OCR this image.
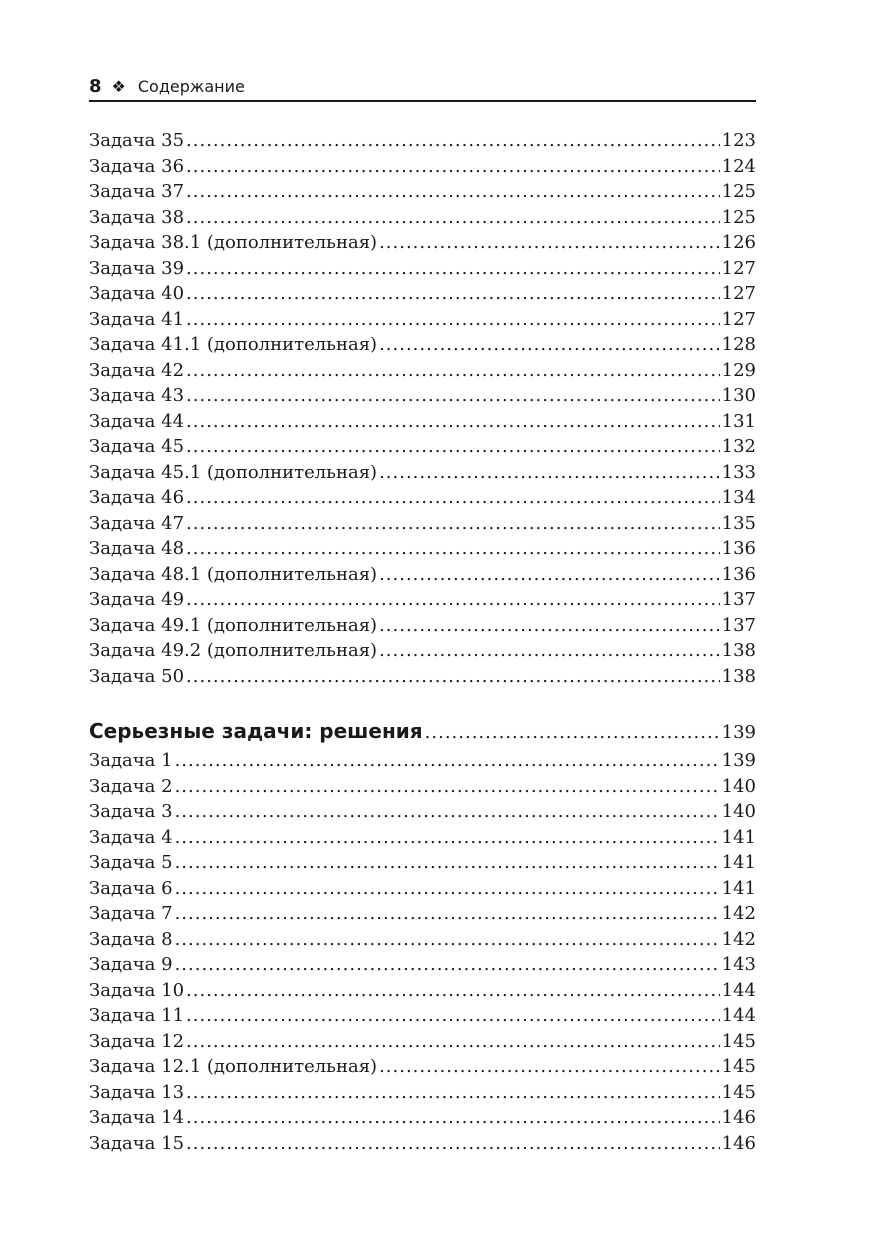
8 ❖ Содержание
Задача 35 .....	123
Задача 36 .....	124
Задача 37 .....	125
Задача 38 .....	125
Задача 38.1 (дополнительная) .....	126
Задача 39 .....	127
Задача 40 .....	127
Задача 41 .....	127
Задача 41.1 (дополнительная) .....	128
Задача 42 .....	129
Задача 43 .....	130
Задача 44 .....	131
Задача 45 .....	132
Задача 45.1 (дополнительная) .....	133
Задача 46 .....	134
Задача 47 .....	135
Задача 48 .....	136
Задача 48.1 (дополнительная) .....	136
Задача 49 .....	137
Задача 49.1 (дополнительная) .....	137
Задача 49.2 (дополнительная) .....	138
Задача 50 .....	138
Серьезные задачи: решения .....	139
Задача 1 .....	139
Задача 2 .....	140
Задача 3 .....	140
Задача 4 .....	141
Задача 5 .....	141
Задача 6 .....	141
Задача 7 .....	142
Задача 8 .....	142
Задача 9 .....	143
Задача 10 .....	144
Задача 11 .....	144
Задача 12 .....	145
Задача 12.1 (дополнительная) .....	145
Задача 13 .....	145
Задача 14 .....	146
Задача 15 .....	146
